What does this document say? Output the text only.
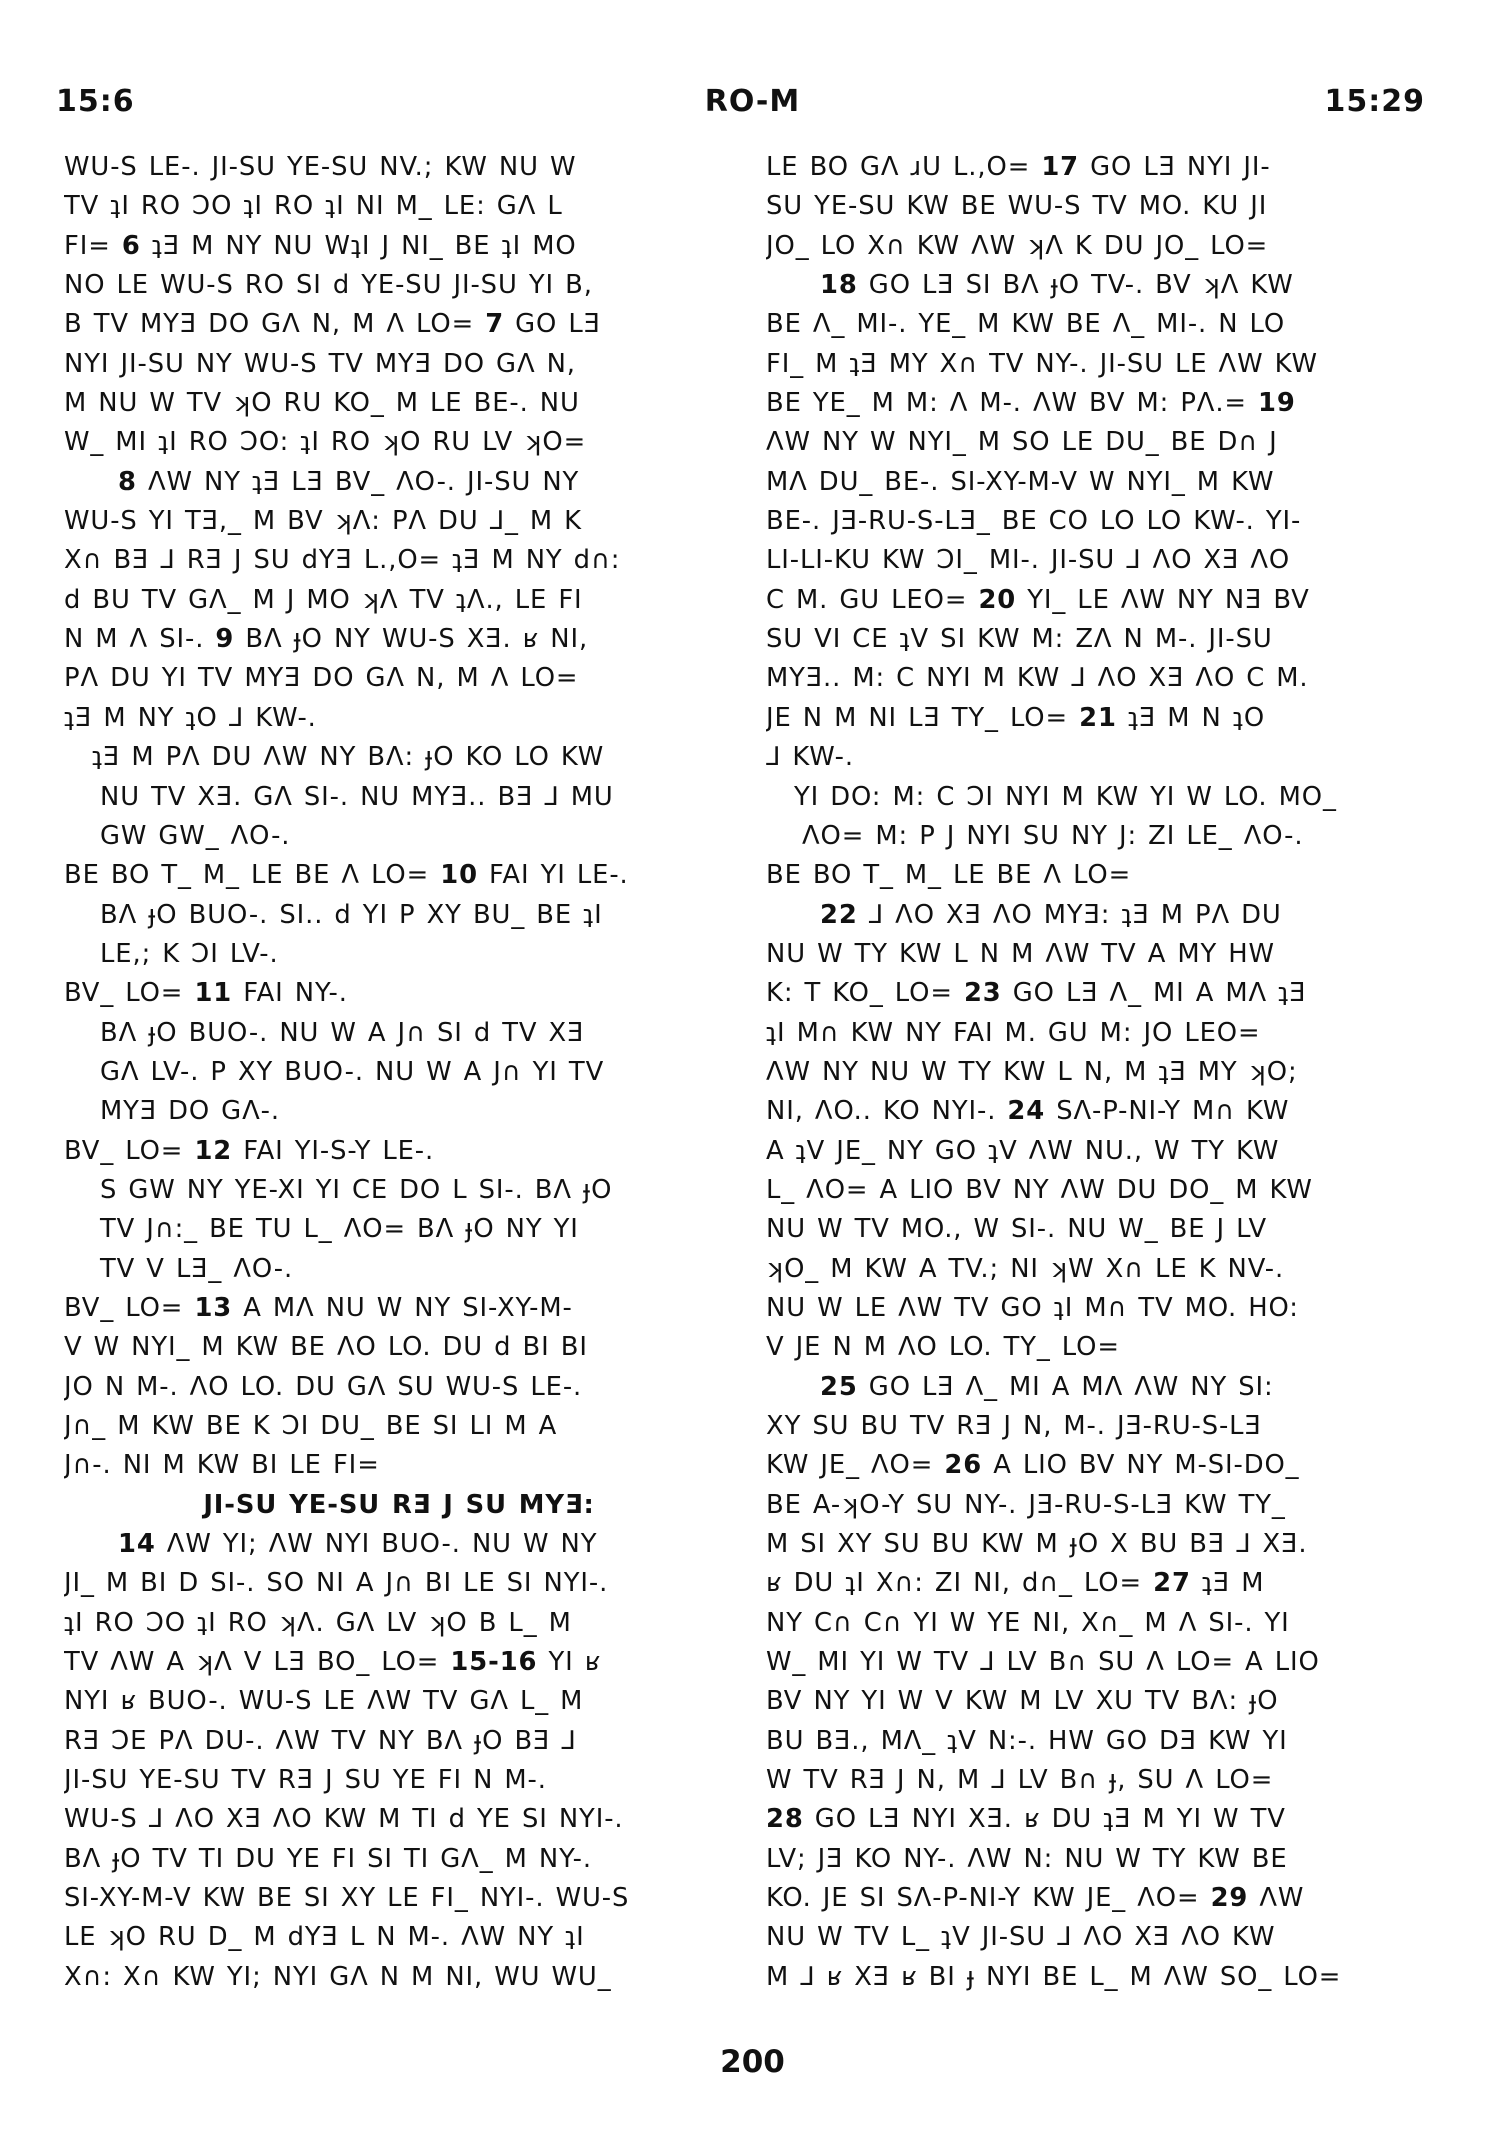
15:6	RO-M	15:29
WU-S LE-. JI-SU YE-SU NV.; KW NU W
TV ʇI RO ƆO ʇI RO ʇI NI M_ LE: GɅ L
FI= 6 ʇƎ M NY NU WʇI J NI_ BE ʇI MO
NO LE WU-S RO SI d YE-SU JI-SU YI B,
B TV MYƎ DO GɅ N, M Λ LO= 7 GO LƎ
NYI JI-SU NY WU-S TV MYƎ DO GɅ N,
M NU W TV ʞO RU KO_ M LE BE-. NU
W_ MI ʇI RO ƆO: ʇI RO ʞO RU LV ʞO=
8 ΛW NY ʇƎ LƎ BV_ ΛO-. JI-SU NY
WU-S YI TƎ,_ M BV ʞɅ: PɅ DU ⅃_ M K
X∩ BƎ ⅃ RƎ J SU dYƎ L.,O= ʇƎ M NY d∩:
d BU TV GɅ_ M J MO ʞɅ TV ʇɅ., LE FI
N M Λ SI-. 9 BɅ ɟO NY WU-S XƎ. ʁ NI,
PɅ DU YI TV MYƎ DO GɅ N, M Λ LO=
ʇƎ M NY ʇO ⅃ KW-.
ʇƎ M PɅ DU ΛW NY BɅ: ɟO KO LO KW
NU TV XƎ. GɅ SI-. NU MYƎ.. BƎ ⅃ MU
GW GW_ ΛO-.
BE BO T_ M_ LE BE Λ LO= 10 FAI YI LE-.
BɅ ɟO BUO-. SI.. d YI P XY BU_ BE ʇI
LE,; K ƆI LV-.
BV_ LO= 11 FAI NY-.
BɅ ɟO BUO-. NU W A J∩ SI d TV XƎ
GɅ LV-. P XY BUO-. NU W A J∩ YI TV
MYƎ DO GɅ-.
BV_ LO= 12 FAI YI-S-Y LE-.
S GW NY YE-XI YI CE DO L SI-. BɅ ɟO
TV J∩:_ BE TU L_ ΛO= BɅ ɟO NY YI
TV V LƎ_ ΛO-.
BV_ LO= 13 A MɅ NU W NY SI-XY-M-
V W NYI_ M KW BE ΛO LO. DU d BI BI
JO N M-. ΛO LO. DU GɅ SU WU-S LE-.
J∩_ M KW BE K ƆI DU_ BE SI LI M A
J∩-. NI M KW BI LE FI=
JI-SU YE-SU RƎ J SU MYƎ:
14 ΛW YI; ΛW NYI BUO-. NU W NY
JI_ M BI D SI-. SO NI A J∩ BI LE SI NYI-.
ʇI RO ƆO ʇI RO ʞɅ. GɅ LV ʞO B L_ M
TV ΛW A ʞɅ V LƎ BO_ LO= 15-16 YI ʁ
NYI ʁ BUO-. WU-S LE ΛW TV GɅ L_ M
RƎ ƆE PɅ DU-. ΛW TV NY BɅ ɟO BƎ ⅃
JI-SU YE-SU TV RƎ J SU YE FI N M-.
WU-S ⅃ ΛO XƎ ΛO KW M TI d YE SI NYI-.
BɅ ɟO TV TI DU YE FI SI TI GɅ_ M NY-.
SI-XY-M-V KW BE SI XY LE FI_ NYI-. WU-S
LE ʞO RU D_ M dYƎ L N M-. ΛW NY ʇI
X∩: X∩ KW YI; NYI GɅ N M NI, WU WU_
LE BO GɅ ɹU L.,O= 17 GO LƎ NYI JI-
SU YE-SU KW BE WU-S TV MO. KU JI
JO_ LO X∩ KW ΛW ʞɅ K DU JO_ LO=
18 GO LƎ SI BɅ ɟO TV-. BV ʞɅ KW
BE Λ_ MI-. YE_ M KW BE Λ_ MI-. N LO
FI_ M ʇƎ MY X∩ TV NY-. JI-SU LE ΛW KW
BE YE_ M M: Λ M-. ΛW BV M: PɅ.= 19
ΛW NY W NYI_ M SO LE DU_ BE D∩ J
MɅ DU_ BE-. SI-XY-M-V W NYI_ M KW
BE-. JƎ-RU-S-LƎ_ BE CO LO LO KW-. YI-
LI-LI-KU KW ƆI_ MI-. JI-SU ⅃ ΛO XƎ ΛO
C M. GU LEO= 20 YI_ LE ΛW NY NƎ BV
SU VI CE ʇV SI KW M: ZɅ N M-. JI-SU
MYƎ.. M: C NYI M KW ⅃ ΛO XƎ ΛO C M.
JE N M NI LƎ TY_ LO= 21 ʇƎ M N ʇO
⅃ KW-.
YI DO: M: C ƆI NYI M KW YI W LO. MO_
ΛO= M: P J NYI SU NY J: ZI LE_ ΛO-.
BE BO T_ M_ LE BE Λ LO=
22 ⅃ ΛO XƎ ΛO MYƎ: ʇƎ M PɅ DU
NU W TY KW L N M ΛW TV A MY HW
K: T KO_ LO= 23 GO LƎ Λ_ MI A MɅ ʇƎ
ʇI M∩ KW NY FAI M. GU M: JO LEO=
ΛW NY NU W TY KW L N, M ʇƎ MY ʞO;
NI, ΛO.. KO NYI-. 24 SɅ-P-NI-Y M∩ KW
A ʇV JE_ NY GO ʇV ΛW NU., W TY KW
L_ ΛO= A LIO BV NY ΛW DU DO_ M KW
NU W TV MO., W SI-. NU W_ BE J LV
ʞO_ M KW A TV.; NI ʞW X∩ LE K NV-.
NU W LE ΛW TV GO ʇI M∩ TV MO. HO:
V JE N M ΛO LO. TY_ LO=
25 GO LƎ Λ_ MI A MɅ ΛW NY SI:
XY SU BU TV RƎ J N, M-. JƎ-RU-S-LƎ
KW JE_ ΛO= 26 A LIO BV NY M-SI-DO_
BE A-ʞO-Y SU NY-. JƎ-RU-S-LƎ KW TY_
M SI XY SU BU KW M ɟO X BU BƎ ⅃ XƎ.
ʁ DU ʇI X∩: ZI NI, d∩_ LO= 27 ʇƎ M
NY C∩ C∩ YI W YE NI, X∩_ M Λ SI-. YI
W_ MI YI W TV ⅃ LV B∩ SU Λ LO= A LIO
BV NY YI W V KW M LV XU TV BɅ: ɟO
BU BƎ., MɅ_ ʇV N:-. HW GO DƎ KW YI
W TV RƎ J N, M ⅃ LV B∩ ɟ, SU Λ LO=
28 GO LƎ NYI XƎ. ʁ DU ʇƎ M YI W TV
LV; JƎ KO NY-. ΛW N: NU W TY KW BE
KO. JE SI SɅ-P-NI-Y KW JE_ ΛO= 29 ΛW
NU W TV L_ ʇV JI-SU ⅃ ΛO XƎ ΛO KW
M ⅃ ʁ XƎ ʁ BI ɟ NYI BE L_ M ΛW SO_ LO=
200
